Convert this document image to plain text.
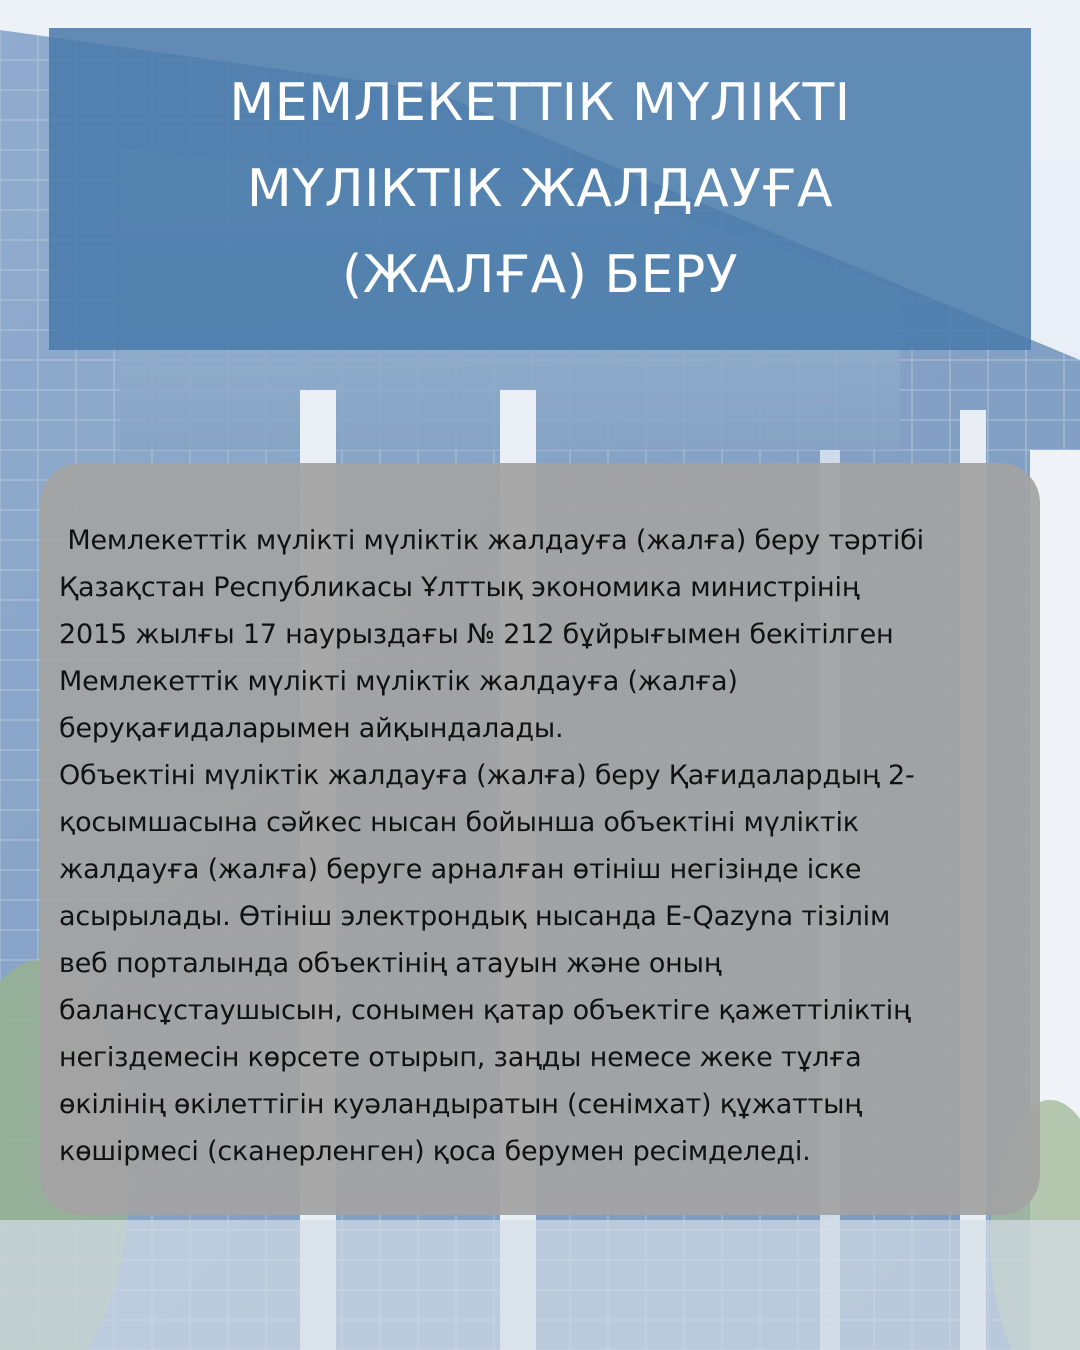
МЕМЛЕКЕТТІК МҮЛІКТІ
МҮЛІКТІК ЖАЛДАУҒА
(ЖАЛҒА) БЕРУ

Мемлекеттік мүлікті мүліктік жалдауға (жалға) беру тәртібі
Қазақстан Республикасы Ұлттық экономика министрінің
2015 жылғы 17 наурыздағы № 212 бұйрығымен бекітілген
Мемлекеттік мүлікті мүліктік жалдауға (жалға)
беруқағидаларымен айқындалады.

Объектіні мүліктік жалдауға (жалға) беру Қағидалардың 2-
қосымшасына сәйкес нысан бойынша объектіні мүліктік
жалдауға (жалға) беруге арналған өтініш негізінде іске
асырылады. Өтініш электрондық нысанда E-Qazyna тізілім
веб порталында объектінің атауын және оның
балансұстаушысын, сонымен қатар объектіге қажеттіліктің
негіздемесін көрсете отырып, заңды немесе жеке тұлға
өкілінің өкілеттігін куәландыратын (сенімхат) құжаттың
көшірмесі (сканерленген) қоса берумен ресімделеді.
